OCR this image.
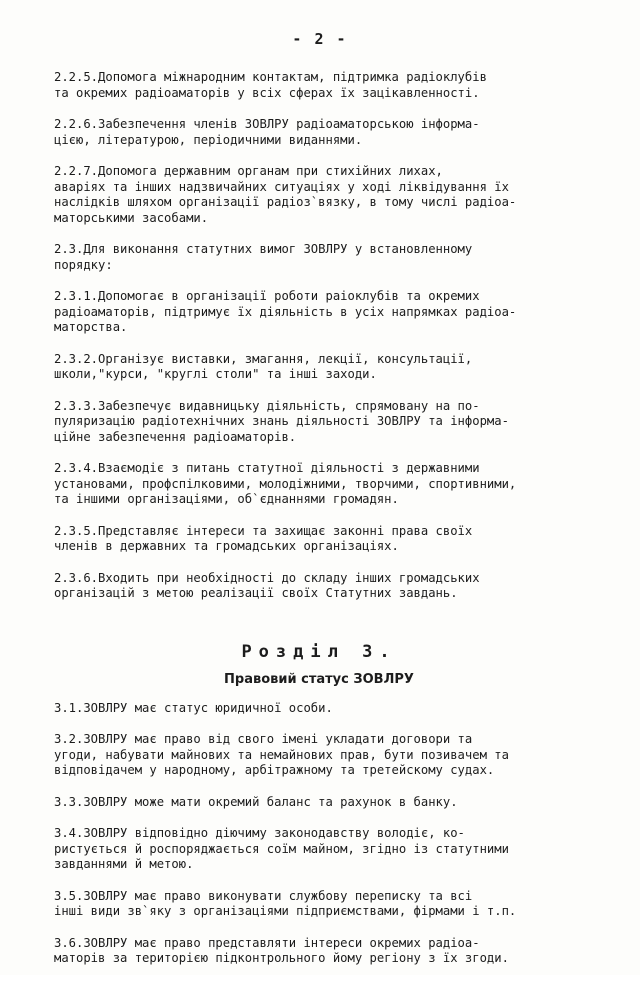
- 2 -
2.2.5.Допомога міжнародним контактам, підтримка радіоклубів
та окремих радіоаматорів у всіх сферах їх зацікавленності.
2.2.6.Забезпечення членів ЗОВЛРУ радіоаматорською інформа-
цією, літературою, періодичними виданнями.
2.2.7.Допомога державним органам при стихійних лихах,
аваріях та інших надзвичайних ситуаціях у ході ліквідування їх
наслідків шляхом організації радіоз`вязку, в тому числі радіоа-
маторськими засобами.
2.3.Для виконання статутних вимог ЗОВЛРУ у встановленному
порядку:
2.3.1.Допомогає в організації роботи раіоклубів та окремих
радіоаматорів, підтримує їх діяльність в усіх напрямках радіоа-
маторства.
2.3.2.Організує виставки, змагання, лекції, консультації,
школи,"курси, "круглі столи" та інші заходи.
2.3.3.Забезпечує видавницьку діяльність, спрямовану на по-
пуляризацію радіотехнічних знань діяльності ЗОВЛРУ та інформа-
ційне забезпечення радіоаматорів.
2.3.4.Взаємодіє з питань статутної діяльності з державними
установами, профспілковими, молодіжними, творчими, спортивними,
та іншими організаціями, об`єднаннями громадян.
2.3.5.Представляє інтереси та захищає законні права своїх
членів в державних та громадських організаціях.
2.3.6.Входить при необхідності до складу інших громадських
організацій з метою реалізації своїх Статутних завдань.
Розділ 3.
Правовий статус ЗОВЛРУ
3.1.ЗОВЛРУ має статус юридичної особи.
3.2.ЗОВЛРУ має право від свого імені укладати договори та
угоди, набувати майнових та немайнових прав, бути позивачем та
відповідачем у народному, арбітражному та третейскому судах.
3.3.ЗОВЛРУ може мати окремий баланс та рахунок в банку.
3.4.ЗОВЛРУ відповідно діючиму законодавству володіє, ко-
ристується й роспоряджається соїм майном, згідно із статутними
завданнями й метою.
3.5.ЗОВЛРУ має право виконувати службову переписку та всі
інші види зв`яку з організаціями підприємствами, фірмами і т.п.
3.6.ЗОВЛРУ має право представляти інтереси окремих радіоа-
маторів за територією підконтрольного йому регіону з їх згоди.
